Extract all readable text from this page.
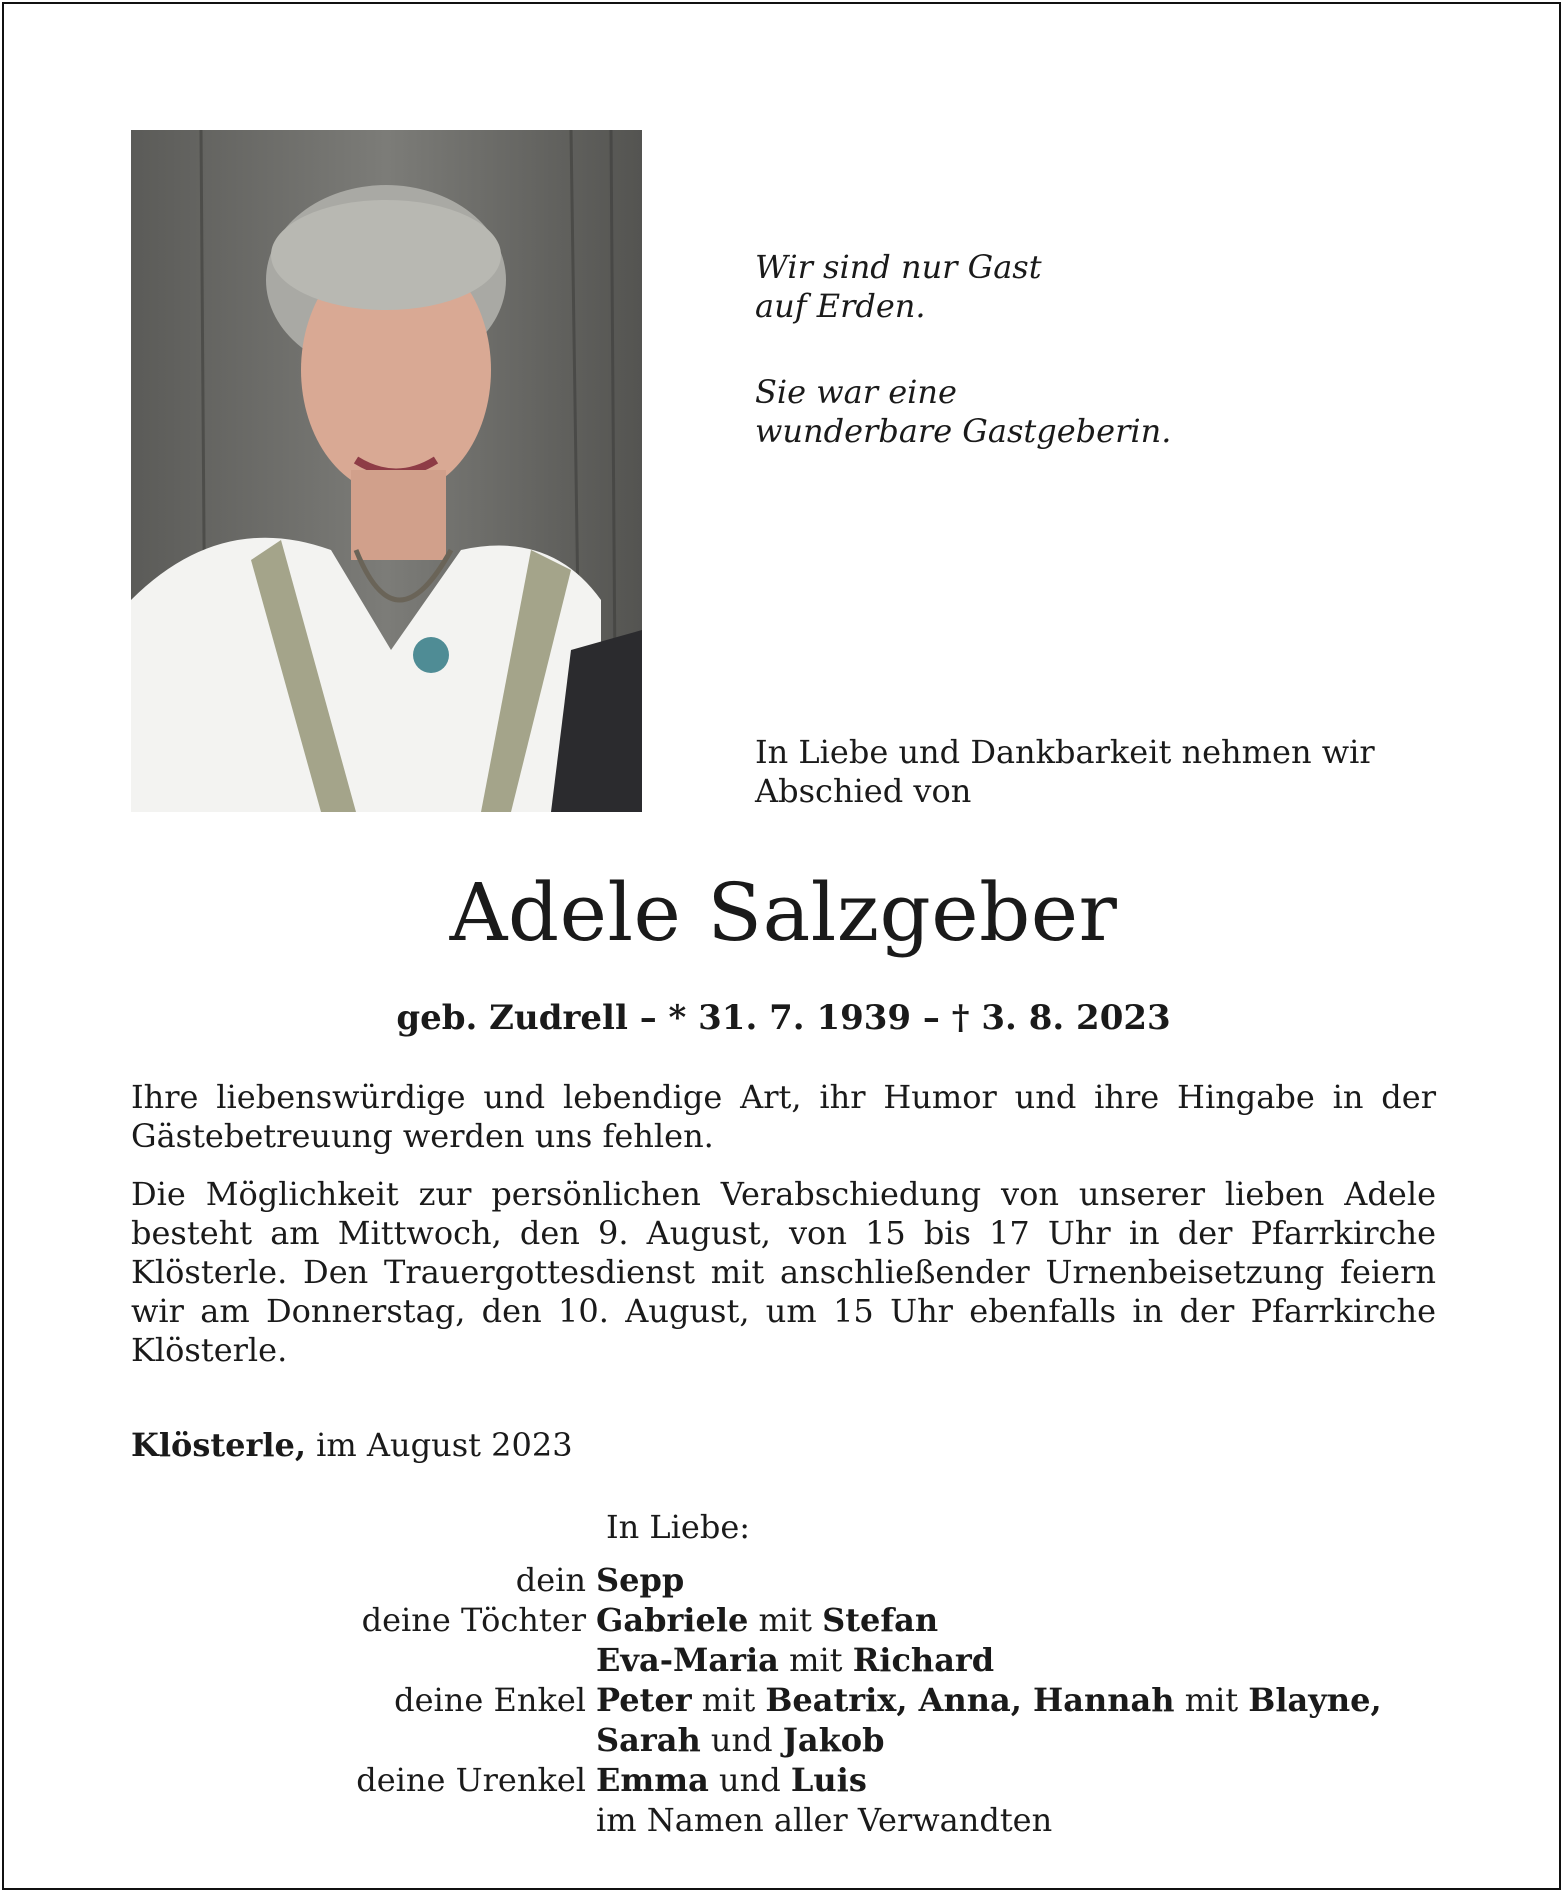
Wir sind nur Gast
auf Erden.
Sie war eine
wunderbare Gastgeberin.
In Liebe und Dankbarkeit nehmen wir Abschied von
Adele Salzgeber
geb. Zudrell – * 31. 7. 1939 – † 3. 8. 2023
Ihre liebenswürdige und lebendige Art, ihr Humor und ihre Hingabe in der Gästebetreuung werden uns fehlen.
Die Möglichkeit zur persönlichen Verabschiedung von unserer lieben Adele besteht am Mittwoch, den 9. August, von 15 bis 17 Uhr in der Pfarrkirche Klösterle. Den Trauergottesdienst mit anschließender Urnenbeisetzung feiern wir am Donnerstag, den 10. August, um 15 Uhr ebenfalls in der Pfarrkirche Klösterle.
Klösterle, im August 2023
In Liebe:
dein Sepp
deine Töchter Gabriele mit Stefan
Eva-Maria mit Richard
deine Enkel Peter mit Beatrix, Anna, Hannah mit Blayne,
Sarah und Jakob
deine Urenkel Emma und Luis
im Namen aller Verwandten
